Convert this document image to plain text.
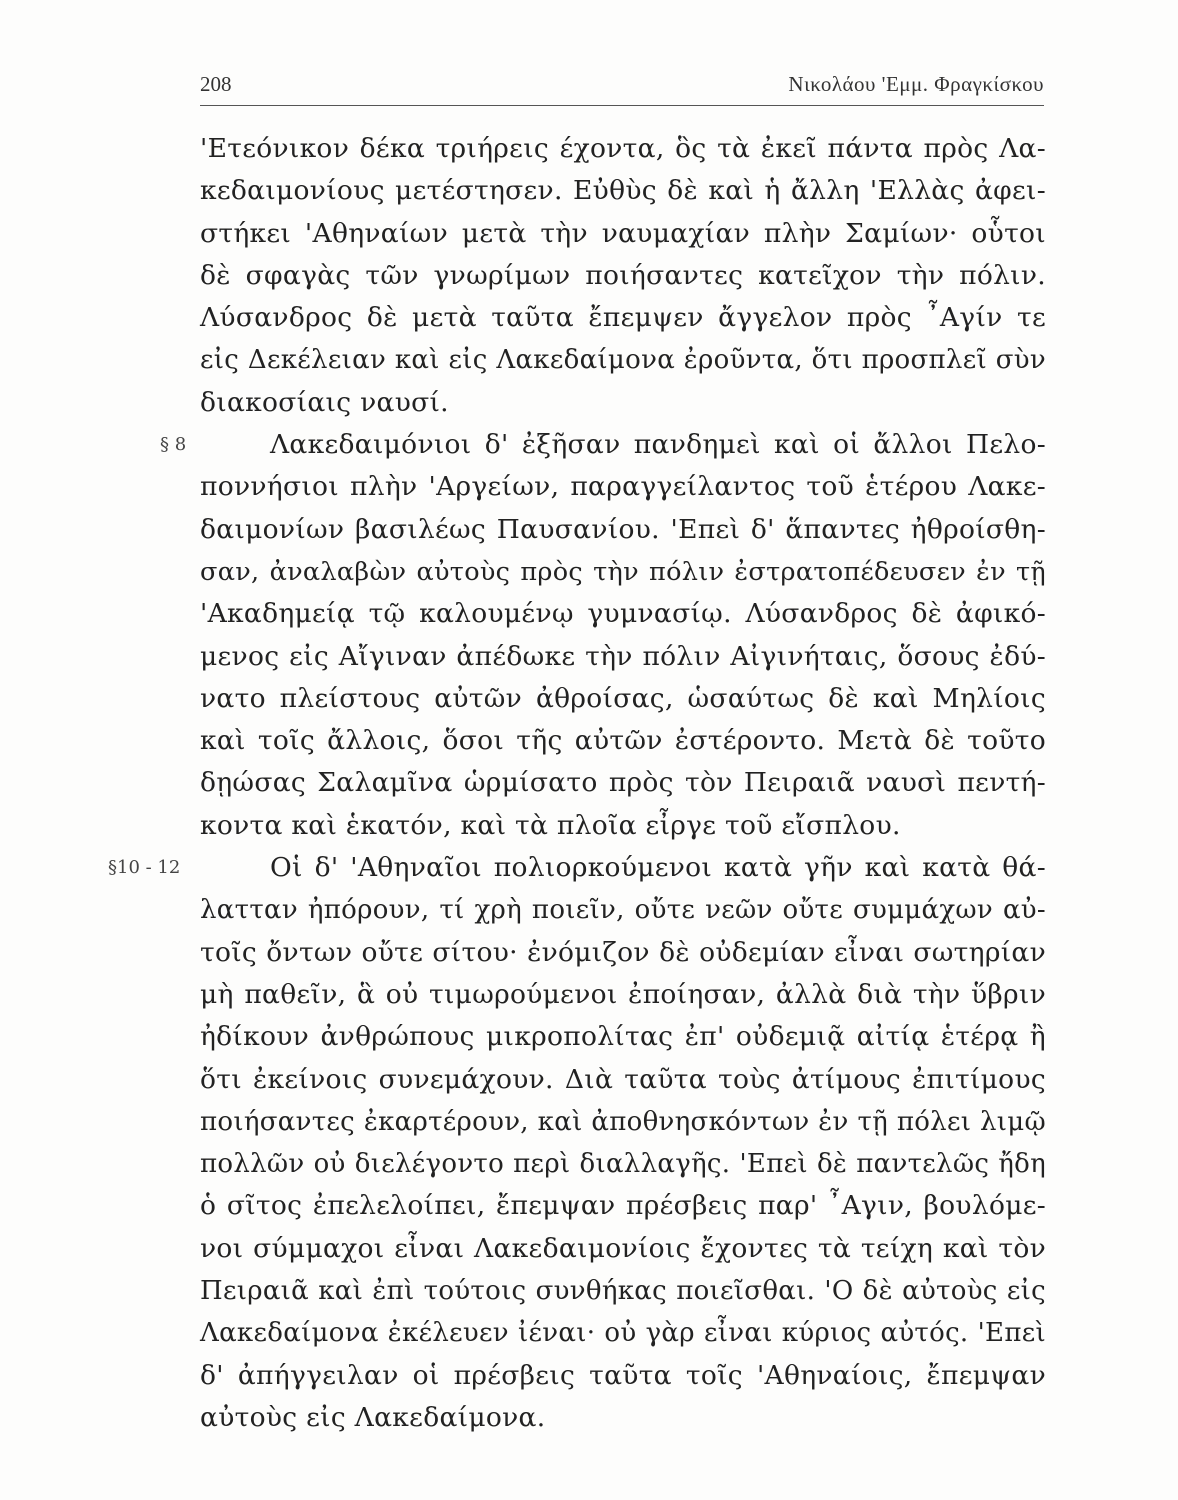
208	Νικολάου 'Εμμ. Φραγκίσκου
'Ετεόνικον δέκα τριήρεις έχοντα, ὃς τὰ ἐκεῖ πάντα πρὸς Λα-
κεδαιμονίους μετέστησεν. Εὐθὺς δὲ καὶ ἡ ἄλλη 'Ελλὰς ἀφει-
στήκει 'Αθηναίων μετὰ τὴν ναυμαχίαν πλὴν Σαμίων· οὗτοι
δὲ σφαγὰς τῶν γνωρίμων ποιήσαντες κατεῖχον τὴν πόλιν.
Λύσανδρος δὲ μετὰ ταῦτα ἔπεμψεν ἄγγελον πρὸς ῏Αγίν τε
εἰς Δεκέλειαν καὶ εἰς Λακεδαίμονα ἐροῦντα, ὅτι προσπλεῖ σὺν
διακοσίαις ναυσί.
§ 8	Λακεδαιμόνιοι δ' ἐξῆσαν πανδημεὶ καὶ οἱ ἄλλοι Πελο-
ποννήσιοι πλὴν 'Αργείων, παραγγείλαντος τοῦ ἑτέρου Λακε-
δαιμονίων βασιλέως Παυσανίου. 'Επεὶ δ' ἅπαντες ἠθροίσθη-
σαν, ἀναλαβὼν αὐτοὺς πρὸς τὴν πόλιν ἐστρατοπέδευσεν ἐν τῇ
'Ακαδημείᾳ τῷ καλουμένῳ γυμνασίῳ. Λύσανδρος δὲ ἀφικό-
μενος εἰς Αἴγιναν ἀπέδωκε τὴν πόλιν Αἰγινήταις, ὅσους ἐδύ-
νατο πλείστους αὐτῶν ἀθροίσας, ὡσαύτως δὲ καὶ Μηλίοις
καὶ τοῖς ἄλλοις, ὅσοι τῆς αὐτῶν ἐστέροντο. Μετὰ δὲ τοῦτο
δῃώσας Σαλαμῖνα ὡρμίσατο πρὸς τὸν Πειραιᾶ ναυσὶ πεντή-
κοντα καὶ ἑκατόν, καὶ τὰ πλοῖα εἶργε τοῦ εἴσπλου.
§10 - 12	Οἱ δ' 'Αθηναῖοι πολιορκούμενοι κατὰ γῆν καὶ κατὰ θά-
λατταν ἠπόρουν, τί χρὴ ποιεῖν, οὔτε νεῶν οὔτε συμμάχων αὐ-
τοῖς ὄντων οὔτε σίτου· ἐνόμιζον δὲ οὐδεμίαν εἶναι σωτηρίαν
μὴ παθεῖν, ἃ οὐ τιμωρούμενοι ἐποίησαν, ἀλλὰ διὰ τὴν ὕβριν
ἠδίκουν ἀνθρώπους μικροπολίτας ἐπ' οὐδεμιᾷ αἰτίᾳ ἑτέρᾳ ἢ
ὅτι ἐκείνοις συνεμάχουν. Διὰ ταῦτα τοὺς ἀτίμους ἐπιτίμους
ποιήσαντες ἐκαρτέρουν, καὶ ἀποθνησκόντων ἐν τῇ πόλει λιμῷ
πολλῶν οὐ διελέγοντο περὶ διαλλαγῆς. 'Επεὶ δὲ παντελῶς ἤδη
ὁ σῖτος ἐπελελοίπει, ἔπεμψαν πρέσβεις παρ' ῏Αγιν, βουλόμε-
νοι σύμμαχοι εἶναι Λακεδαιμονίοις ἔχοντες τὰ τείχη καὶ τὸν
Πειραιᾶ καὶ ἐπὶ τούτοις συνθήκας ποιεῖσθαι. 'Ο δὲ αὐτοὺς εἰς
Λακεδαίμονα ἐκέλευεν ἰέναι· οὐ γὰρ εἶναι κύριος αὐτός. 'Επεὶ
δ' ἀπήγγειλαν οἱ πρέσβεις ταῦτα τοῖς 'Αθηναίοις, ἔπεμψαν
αὐτοὺς εἰς Λακεδαίμονα.
